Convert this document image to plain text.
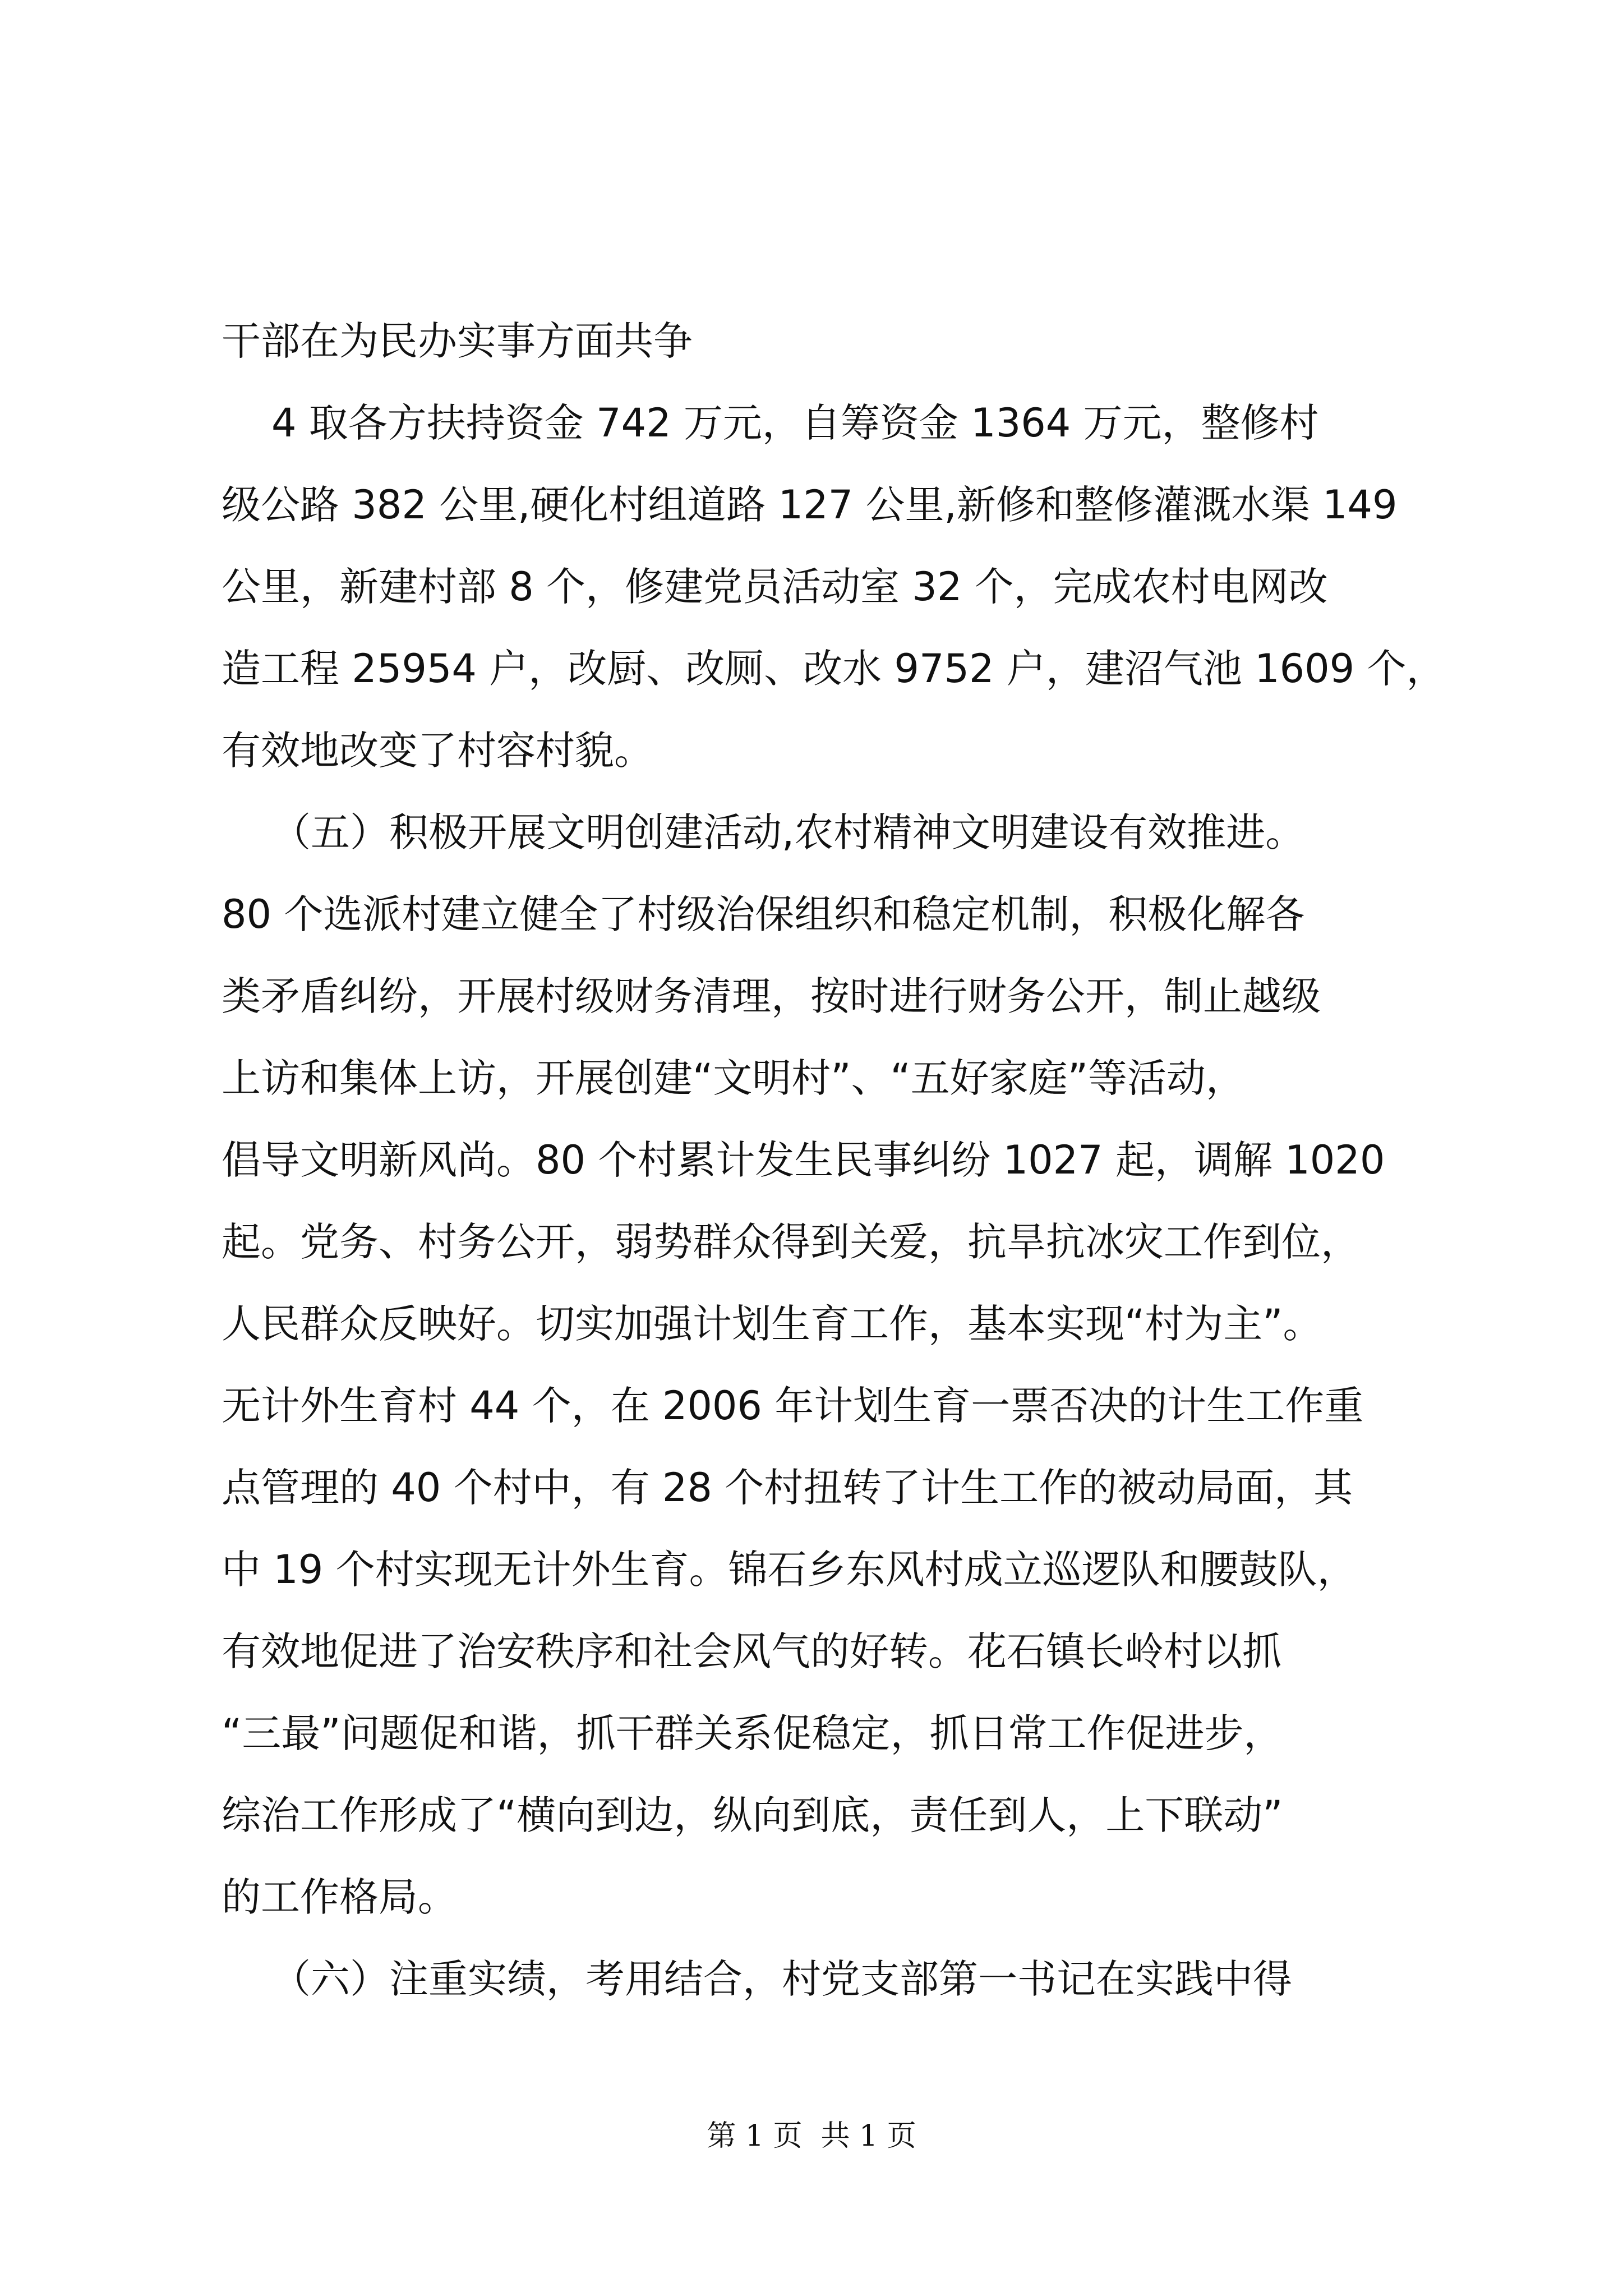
干部在为民办实事方面共争
4 取各方扶持资金 742 万元，自筹资金 1364 万元，整修村
级公路 382 公里,硬化村组道路 127 公里,新修和整修灌溉水渠 149
公里，新建村部 8 个，修建党员活动室 32 个，完成农村电网改
造工程 25954 户，改厨、改厕、改水 9752 户，建沼气池 1609 个，
有效地改变了村容村貌。
（五）积极开展文明创建活动,农村精神文明建设有效推进。
80 个选派村建立健全了村级治保组织和稳定机制，积极化解各
类矛盾纠纷，开展村级财务清理，按时进行财务公开，制止越级
上访和集体上访，开展创建“文明村”、“五好家庭”等活动，
倡导文明新风尚。80 个村累计发生民事纠纷 1027 起，调解 1020
起。党务、村务公开，弱势群众得到关爱，抗旱抗冰灾工作到位，
人民群众反映好。切实加强计划生育工作，基本实现“村为主”。
无计外生育村 44 个，在 2006 年计划生育一票否决的计生工作重
点管理的 40 个村中，有 28 个村扭转了计生工作的被动局面，其
中 19 个村实现无计外生育。锦石乡东风村成立巡逻队和腰鼓队，
有效地促进了治安秩序和社会风气的好转。花石镇长岭村以抓
“三最”问题促和谐，抓干群关系促稳定，抓日常工作促进步，
综治工作形成了“横向到边，纵向到底，责任到人，上下联动”
的工作格局。
（六）注重实绩，考用结合，村党支部第一书记在实践中得
第 1 页  共 1 页
